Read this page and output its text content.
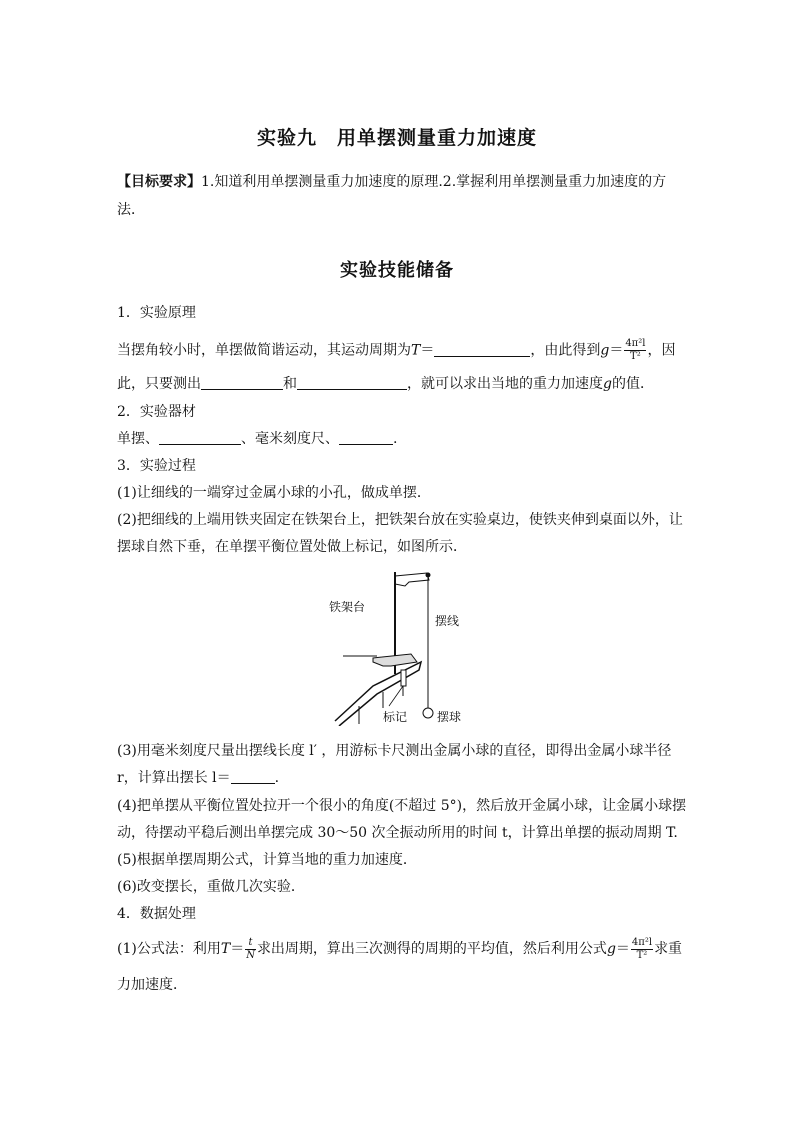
实验九　用单摆测量重力加速度
【目标要求】1.知道利用单摆测量重力加速度的原理.2.掌握利用单摆测量重力加速度的方
法．
实验技能储备
1．实验原理
当摆角较小时，单摆做简谐运动，其运动周期为T＝	，由此得到$g= \frac{\text{4π²l}}{\text{T²}}$ ，因
此，只要测出	和	，就可以求出当地的重力加速度g的值．
2．实验器材
单摆、	、毫米刻度尺、	.
3．实验过程
(1)让细线的一端穿过金属小球的小孔，做成单摆．
(2)把细线的上端用铁夹固定在铁架台上，把铁架台放在实验桌边，使铁夹伸到桌面以外，让
摆球自然下垂，在单摆平衡位置处做上标记，如图所示．
铁架台
摆线
标记 摆球
(3)用毫米刻度尺量出摆线长度 l′ ，用游标卡尺测出金属小球的直径，即得出金属小球半径
r，计算出摆长 l＝	.
(4)把单摆从平衡位置处拉开一个很小的角度(不超过 5°)，然后放开金属小球，让金属小球摆
动，待摆动平稳后测出单摆完成 30～50 次全振动所用的时间 t，计算出单摆的振动周期 T.
(5)根据单摆周期公式，计算当地的重力加速度．
(6)改变摆长，重做几次实验．
4．数据处理
(1)公式法：利用$T= \frac{t}{N}$ 求出周期，算出三次测得的周期的平均值，然后利用公式$g= \frac{\text{4π²l}}{\text{T²}}$ 求重
力加速度．
